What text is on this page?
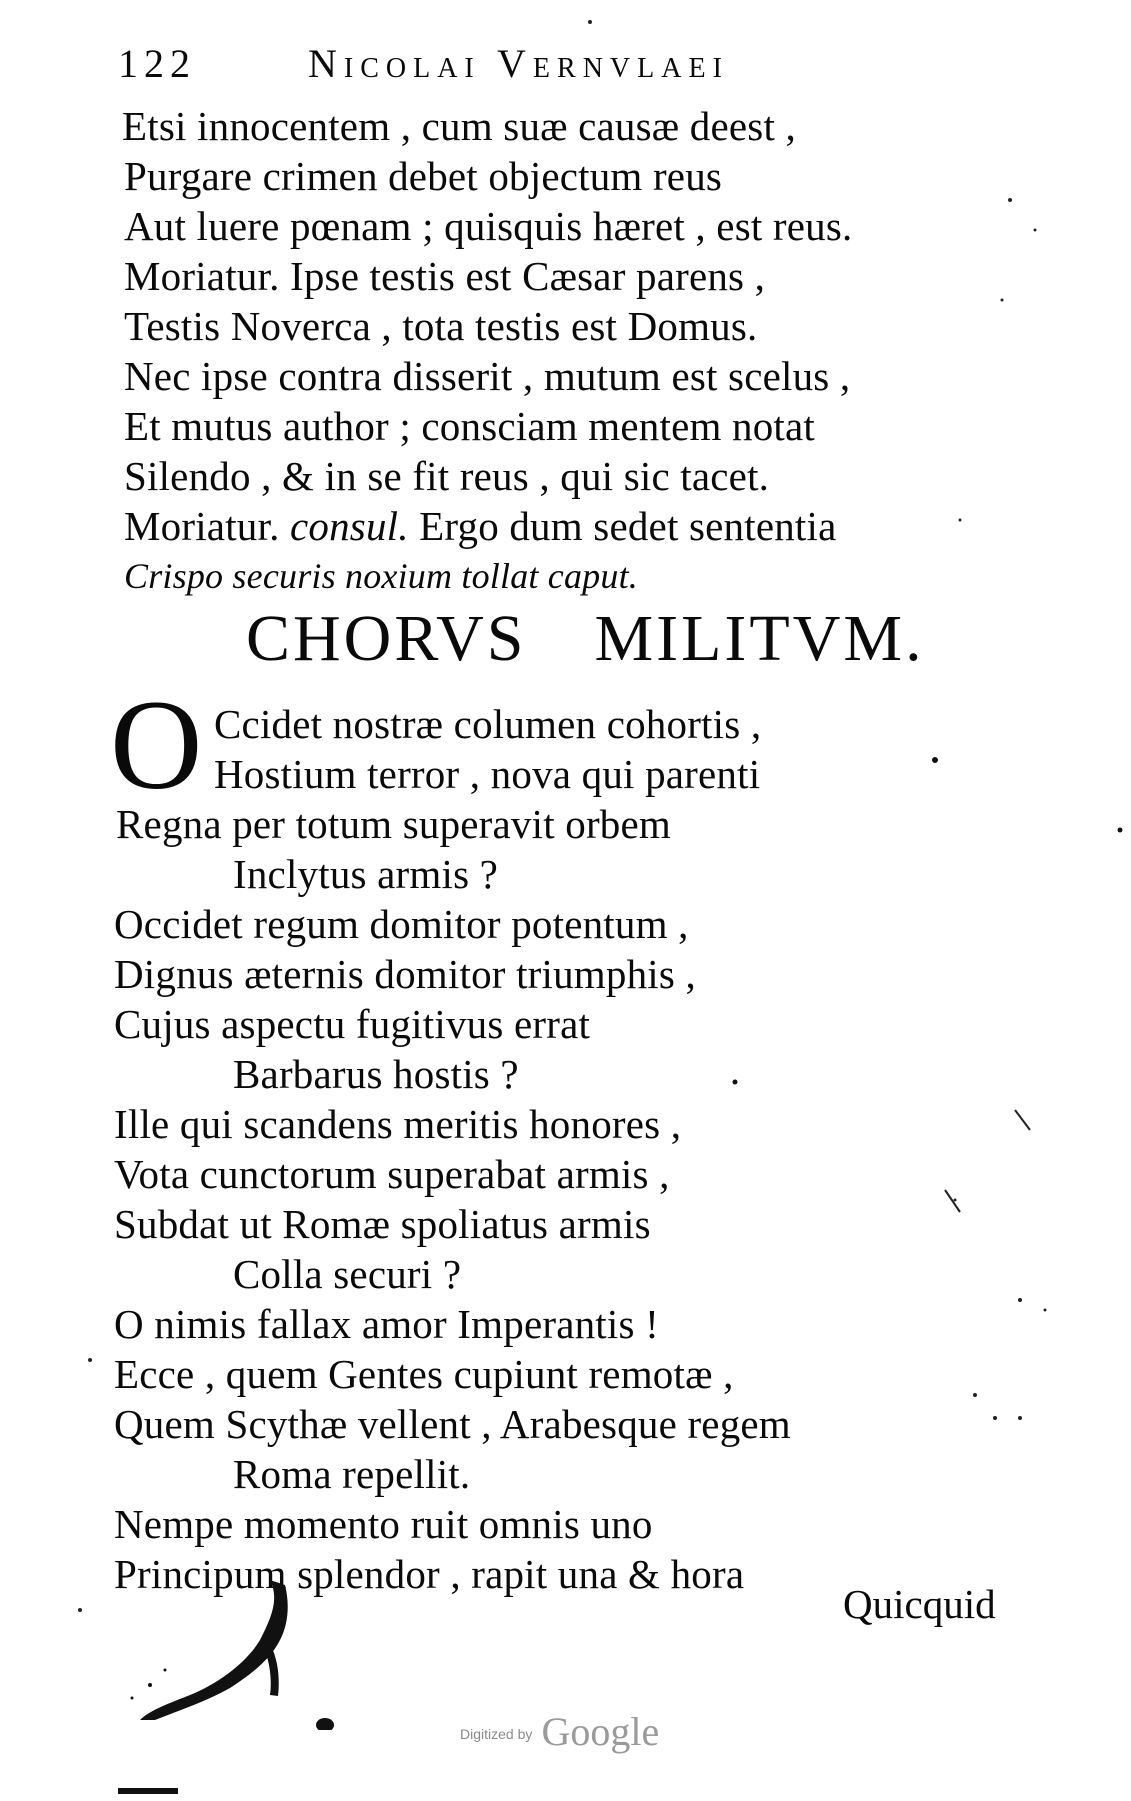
122	Nicolai Vernvlaei
Etsi innocentem , cum suæ causæ deest ,
Purgare crimen debet objectum reus
Aut luere pœnam ; quisquis hæret , est reus.
Moriatur. Ipse testis est Cæsar parens ,
Testis Noverca , tota testis est Domus.
Nec ipse contra disserit , mutum est scelus ,
Et mutus author ; consciam mentem notat
Silendo , & in se fit reus , qui sic tacet.
Moriatur. consul. Ergo dum sedet sententia
Crispo securis noxium tollat caput.
CHORVS MILITVM.
O Ccidet nostræ columen cohortis ,
Hostium terror , nova qui parenti
Regna per totum superavit orbem
Inclytus armis ?
Occidet regum domitor potentum ,
Dignus æternis domitor triumphis ,
Cujus aspectu fugitivus errat
Barbarus hostis ?
Ille qui scandens meritis honores ,
Vota cunctorum superabat armis ,
Subdat ut Romæ spoliatus armis
Colla securi ?
O nimis fallax amor Imperantis !
Ecce , quem Gentes cupiunt remotæ ,
Quem Scythæ vellent , Arabesque regem
Roma repellit.
Nempe momento ruit omnis uno
Principum splendor , rapit una & hora
Quicquid
Digitized by Google
